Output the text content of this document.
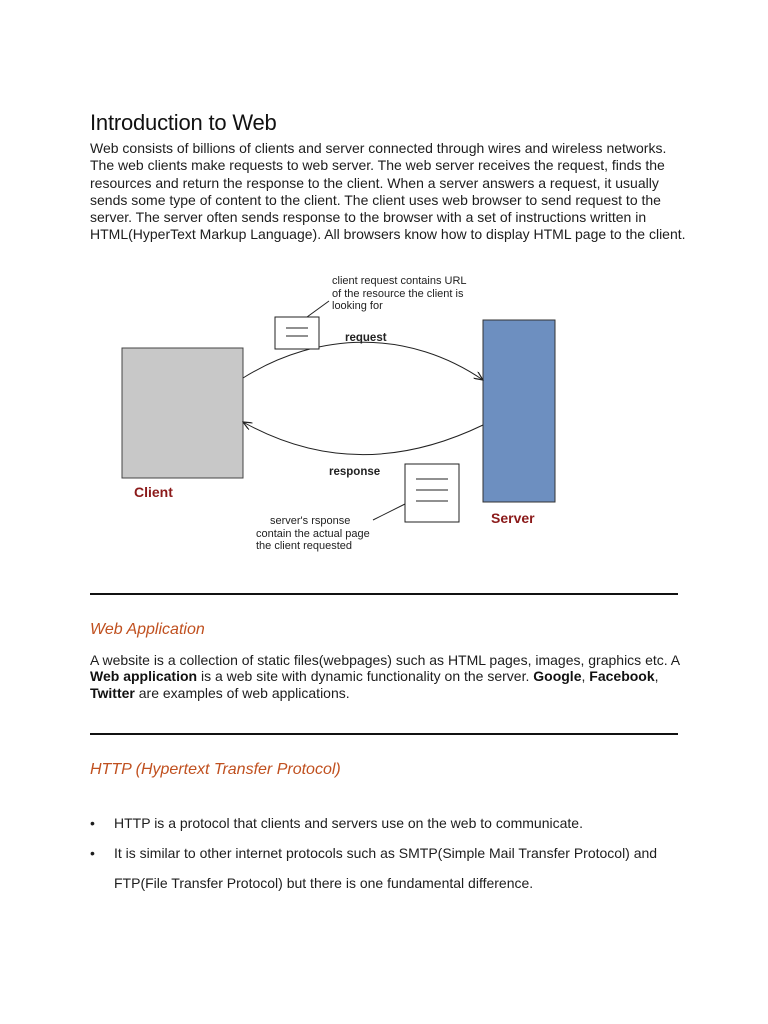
Introduction to Web

Web consists of billions of clients and server connected through wires and wireless networks. The web clients make requests to web server. The web server receives the request, finds the resources and return the response to the client. When a server answers a request, it usually sends some type of content to the client. The client uses web browser to send request to the server. The server often sends response to the browser with a set of instructions written in HTML(HyperText Markup Language). All browsers know how to display HTML page to the client.

client request contains URL
of the resource the client is
looking for
request
response
Client
Server
server's rsponse
contain the actual page
the client requested
Web Application

A website is a collection of static files(webpages) such as HTML pages, images, graphics etc. A Web application is a web site with dynamic functionality on the server. Google, Facebook, Twitter are examples of web applications.

HTTP (Hypertext Transfer Protocol)
• HTTP is a protocol that clients and servers use on the web to communicate.
• It is similar to other internet protocols such as SMTP(Simple Mail Transfer Protocol) and FTP(File Transfer Protocol) but there is one fundamental difference.
